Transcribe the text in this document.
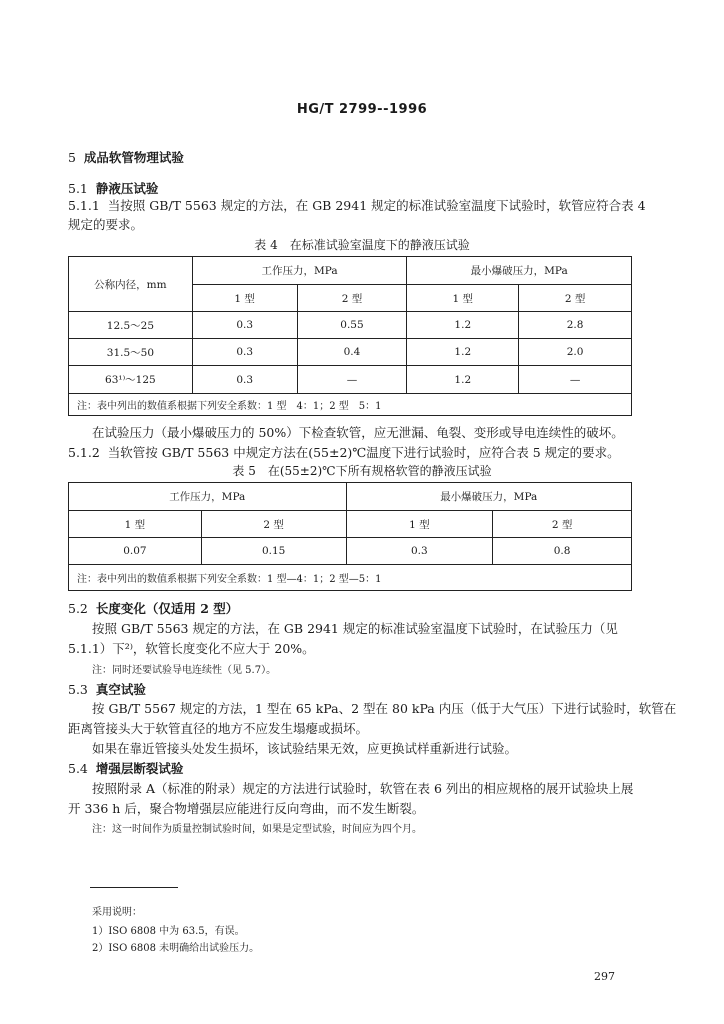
HG/T 2799--1996
5 成品软管物理试验
5.1 静液压试验
5.1.1 当按照 GB/T 5563 规定的方法，在 GB 2941 规定的标准试验室温度下试验时，软管应符合表 4
规定的要求。
表 4　在标准试验室温度下的静液压试验
公称内径，mm	工作压力，MPa		最小爆破压力，MPa	
	1 型	2 型	1 型	2 型
12.5～25	0.3	0.55	1.2	2.8
31.5～50	0.3	0.4	1.2	2.0
63¹⁾～125	0.3	—	1.2	—
注：表中列出的数值系根据下列安全系数：1 型　4：1；2 型　5：1				
在试验压力（最小爆破压力的 50%）下检查软管，应无泄漏、龟裂、变形或导电连续性的破坏。
5.1.2 当软管按 GB/T 5563 中规定方法在(55±2)℃温度下进行试验时，应符合表 5 规定的要求。
表 5　在(55±2)℃下所有规格软管的静液压试验
工作压力，MPa		最小爆破压力，MPa	
1 型	2 型	1 型	2 型
0.07	0.15	0.3	0.8
注：表中列出的数值系根据下列安全系数：1 型—4：1；2 型—5：1			
5.2 长度变化（仅适用 2 型）
按照 GB/T 5563 规定的方法，在 GB 2941 规定的标准试验室温度下试验时，在试验压力（见
5.1.1）下²⁾，软管长度变化不应大于 20%。
注：同时还要试验导电连续性（见 5.7）。
5.3 真空试验
按 GB/T 5567 规定的方法，1 型在 65 kPa、2 型在 80 kPa 内压（低于大气压）下进行试验时，软管在
距离管接头大于软管直径的地方不应发生塌瘪或损坏。
如果在靠近管接头处发生损坏，该试验结果无效，应更换试样重新进行试验。
5.4 增强层断裂试验
按照附录 A（标准的附录）规定的方法进行试验时，软管在表 6 列出的相应规格的展开试验块上展
开 336 h 后，聚合物增强层应能进行反向弯曲，而不发生断裂。
注：这一时间作为质量控制试验时间，如果是定型试验，时间应为四个月。
采用说明：
1）ISO 6808 中为 63.5，有误。
2）ISO 6808 未明确给出试验压力。
297
